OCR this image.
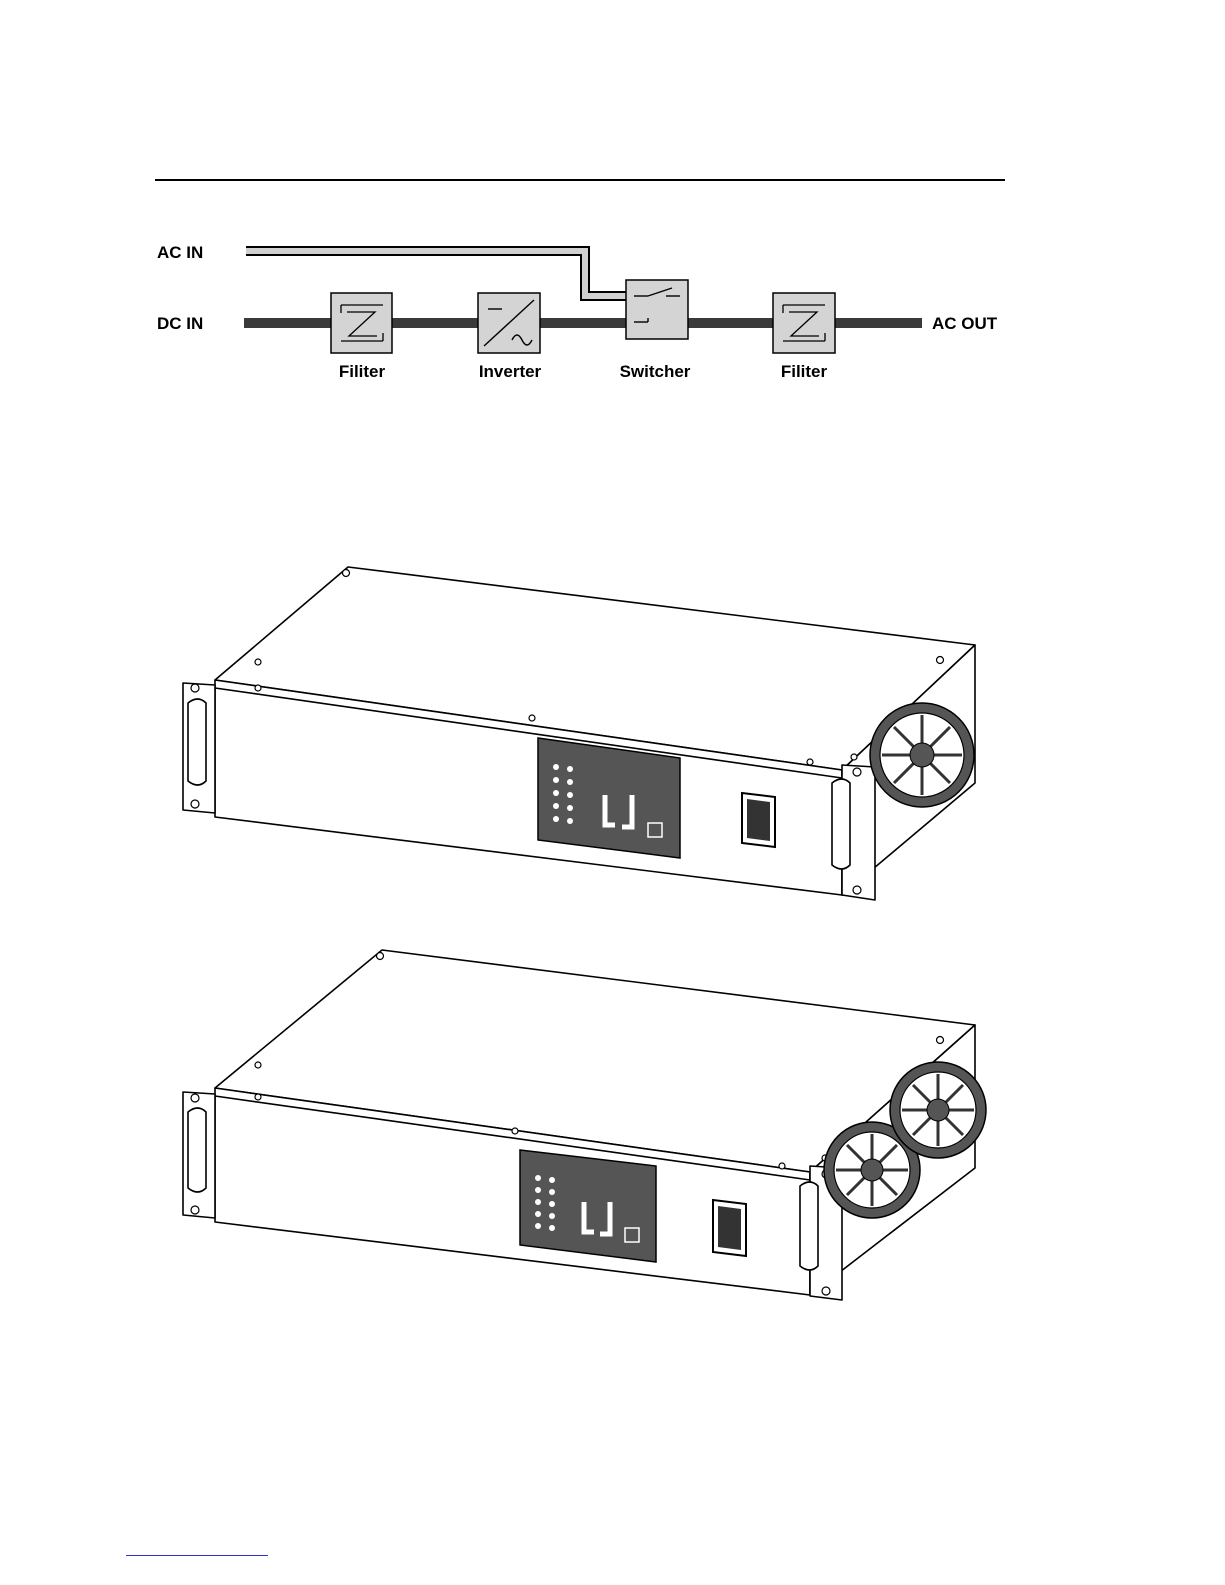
AC IN
DC IN	AC OUT
Filiter	Inverter	Switcher	Filiter
